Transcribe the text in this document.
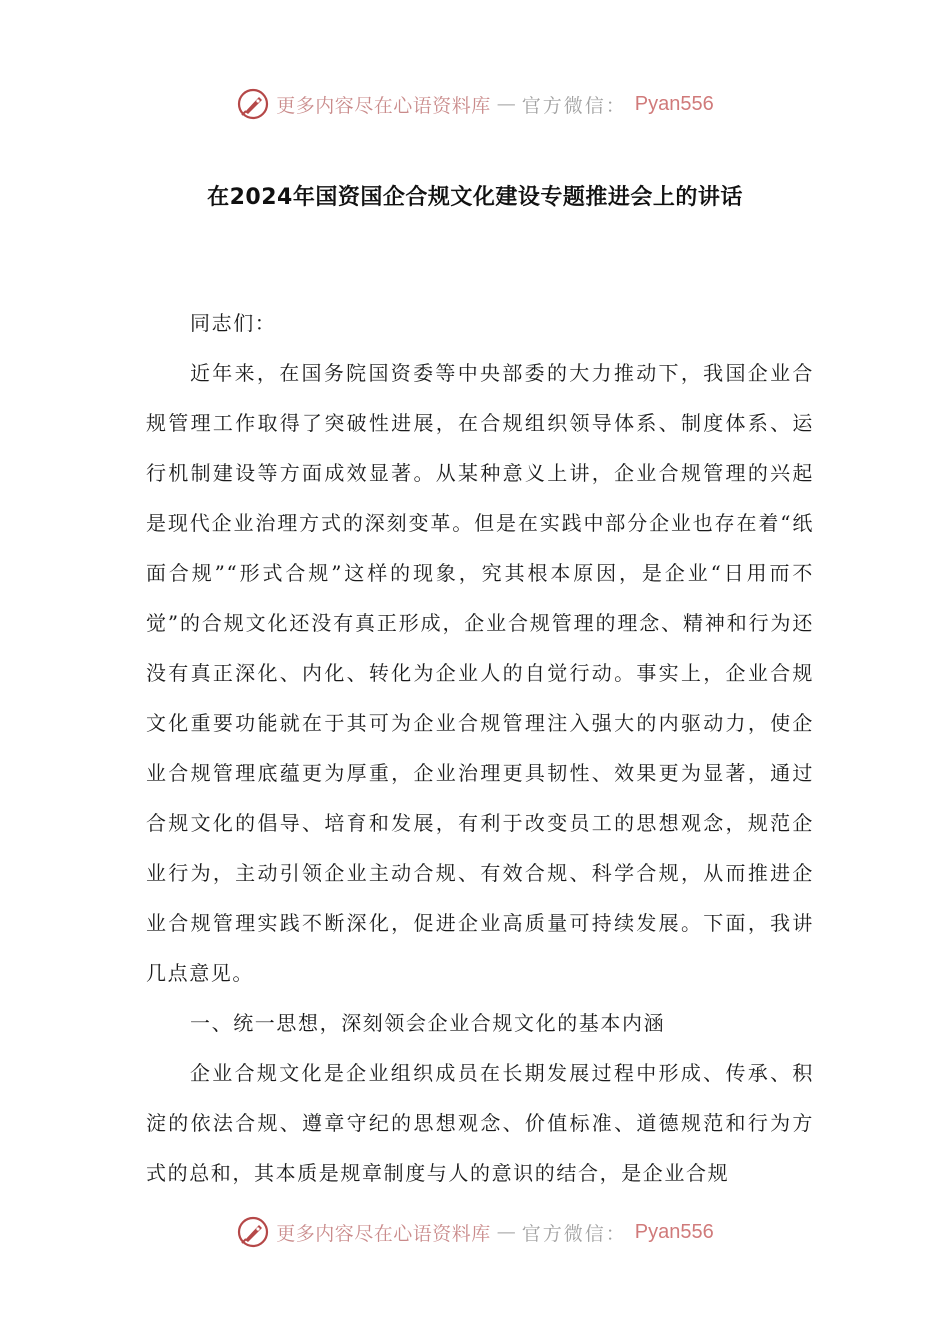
更多内容尽在心语资料库 — 官方微信： Pyan556
在2024年国资国企合规文化建设专题推进会上的讲话

同志们：

近年来，在国务院国资委等中央部委的大力推动下，我国企业合规管理工作取得了突破性进展，在合规组织领导体系、制度体系、运行机制建设等方面成效显著。从某种意义上讲，企业合规管理的兴起是现代企业治理方式的深刻变革。但是在实践中部分企业也存在着“纸面合规”“形式合规”这样的现象，究其根本原因，是企业“日用而不觉”的合规文化还没有真正形成，企业合规管理的理念、精神和行为还没有真正深化、内化、转化为企业人的自觉行动。事实上，企业合规文化重要功能就在于其可为企业合规管理注入强大的内驱动力，使企业合规管理底蕴更为厚重，企业治理更具韧性、效果更为显著，通过合规文化的倡导、培育和发展，有利于改变员工的思想观念，规范企业行为，主动引领企业主动合规、有效合规、科学合规，从而推进企业合规管理实践不断深化，促进企业高质量可持续发展。下面，我讲几点意见。

一、统一思想，深刻领会企业合规文化的基本内涵

企业合规文化是企业组织成员在长期发展过程中形成、传承、积淀的依法合规、遵章守纪的思想观念、价值标准、道德规范和行为方式的总和，其本质是规章制度与人的意识的结合，是企业合规

更多内容尽在心语资料库 — 官方微信： Pyan556
